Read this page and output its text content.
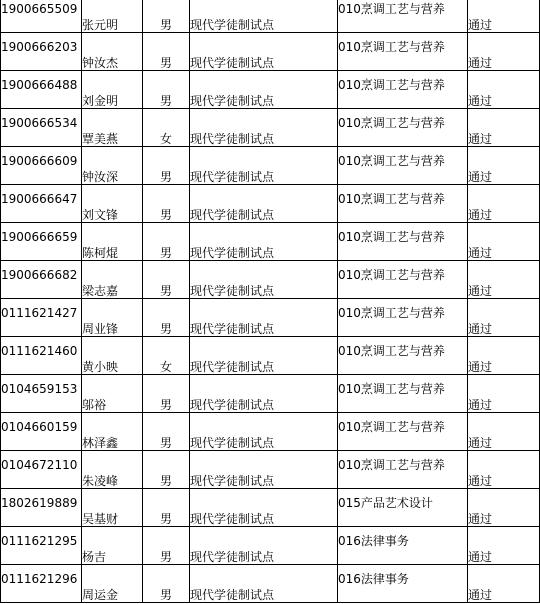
1900665509	张元明	男	现代学徒制试点	010烹调工艺与营养	通过
1900666203	钟汝杰	男	现代学徒制试点	010烹调工艺与营养	通过
1900666488	刘金明	男	现代学徒制试点	010烹调工艺与营养	通过
1900666534	覃美燕	女	现代学徒制试点	010烹调工艺与营养	通过
1900666609	钟汝深	男	现代学徒制试点	010烹调工艺与营养	通过
1900666647	刘文锋	男	现代学徒制试点	010烹调工艺与营养	通过
1900666659	陈柯焜	男	现代学徒制试点	010烹调工艺与营养	通过
1900666682	梁志嘉	男	现代学徒制试点	010烹调工艺与营养	通过
0111621427	周业锋	男	现代学徒制试点	010烹调工艺与营养	通过
0111621460	黄小映	女	现代学徒制试点	010烹调工艺与营养	通过
0104659153	邬裕	男	现代学徒制试点	010烹调工艺与营养	通过
0104660159	林泽鑫	男	现代学徒制试点	010烹调工艺与营养	通过
0104672110	朱凌峰	男	现代学徒制试点	010烹调工艺与营养	通过
1802619889	吴基财	男	现代学徒制试点	015产品艺术设计	通过
0111621295	杨吉	男	现代学徒制试点	016法律事务	通过
0111621296	周运金	男	现代学徒制试点	016法律事务	通过
